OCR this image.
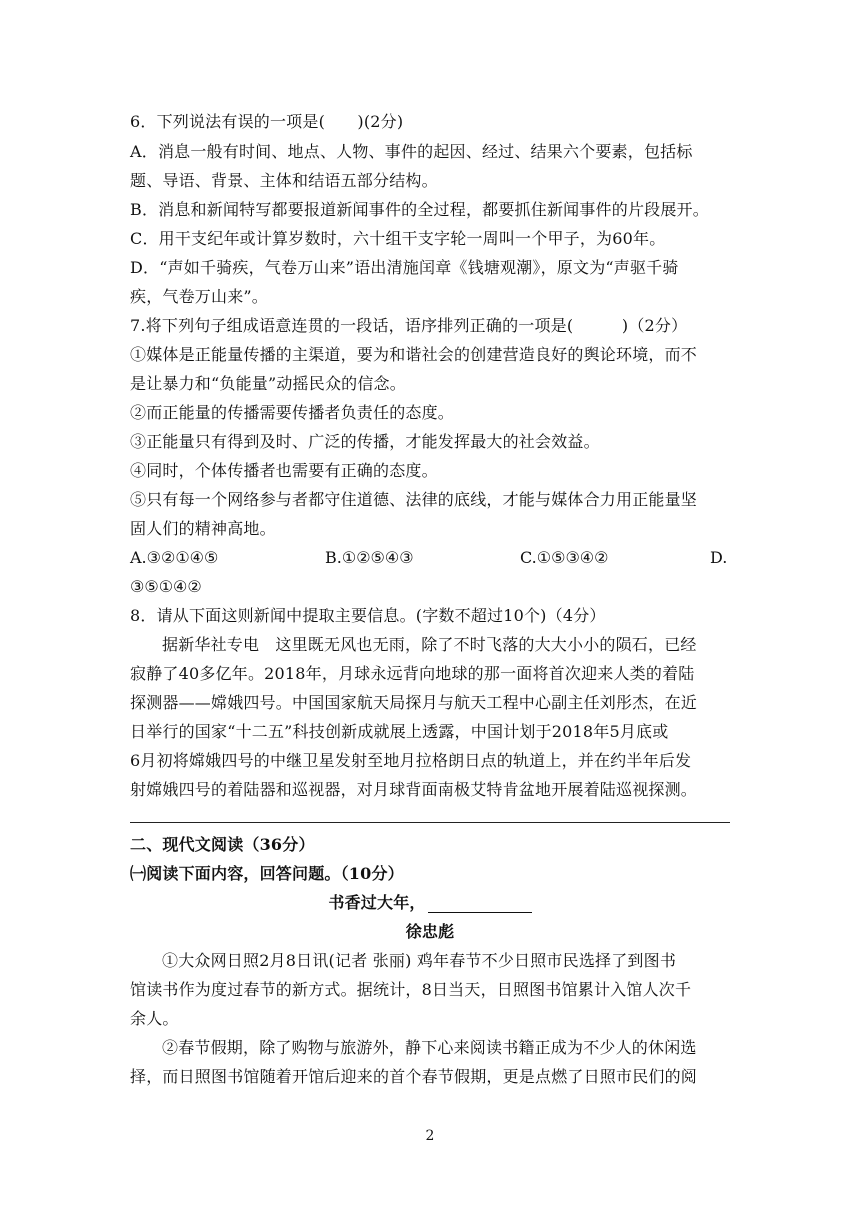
6．下列说法有误的一项是(　　)(2分)
A．消息一般有时间、地点、人物、事件的起因、经过、结果六个要素，包括标
题、导语、背景、主体和结语五部分结构。
B．消息和新闻特写都要报道新闻事件的全过程，都要抓住新闻事件的片段展开。
C．用干支纪年或计算岁数时，六十组干支字轮一周叫一个甲子，为60年。
D．“声如千骑疾，气卷万山来”语出清施闰章《钱塘观潮》，原文为“声驱千骑
疾，气卷万山来”。
7.将下列句子组成语意连贯的一段话，语序排列正确的一项是(　　　)（2分）
①媒体是正能量传播的主渠道，要为和谐社会的创建营造良好的舆论环境，而不
是让暴力和“负能量”动摇民众的信念。
②而正能量的传播需要传播者负责任的态度。
③正能量只有得到及时、广泛的传播，才能发挥最大的社会效益。
④同时，个体传播者也需要有正确的态度。
⑤只有每一个网络参与者都守住道德、法律的底线，才能与媒体合力用正能量坚
固人们的精神高地。
A.③②①④⑤	B.①②⑤④③	C.①⑤③④②	D.
③⑤①④②
8．请从下面这则新闻中提取主要信息。(字数不超过10个)（4分）
据新华社专电　这里既无风也无雨，除了不时飞落的大大小小的陨石，已经
寂静了40多亿年。2018年，月球永远背向地球的那一面将首次迎来人类的着陆
探测器——嫦娥四号。中国国家航天局探月与航天工程中心副主任刘彤杰，在近
日举行的国家“十二五”科技创新成就展上透露，中国计划于2018年5月底或
6月初将嫦娥四号的中继卫星发射至地月拉格朗日点的轨道上，并在约半年后发
射嫦娥四号的着陆器和巡视器，对月球背面南极艾特肯盆地开展着陆巡视探测。
二、现代文阅读（36分）
㈠阅读下面内容，回答问题。（10分）
书香过大年，
徐忠彪
①大众网日照2月8日讯(记者 张丽) 鸡年春节不少日照市民选择了到图书
馆读书作为度过春节的新方式。据统计，8日当天，日照图书馆累计入馆人次千
余人。
②春节假期，除了购物与旅游外，静下心来阅读书籍正成为不少人的休闲选
择，而日照图书馆随着开馆后迎来的首个春节假期，更是点燃了日照市民们的阅
2
